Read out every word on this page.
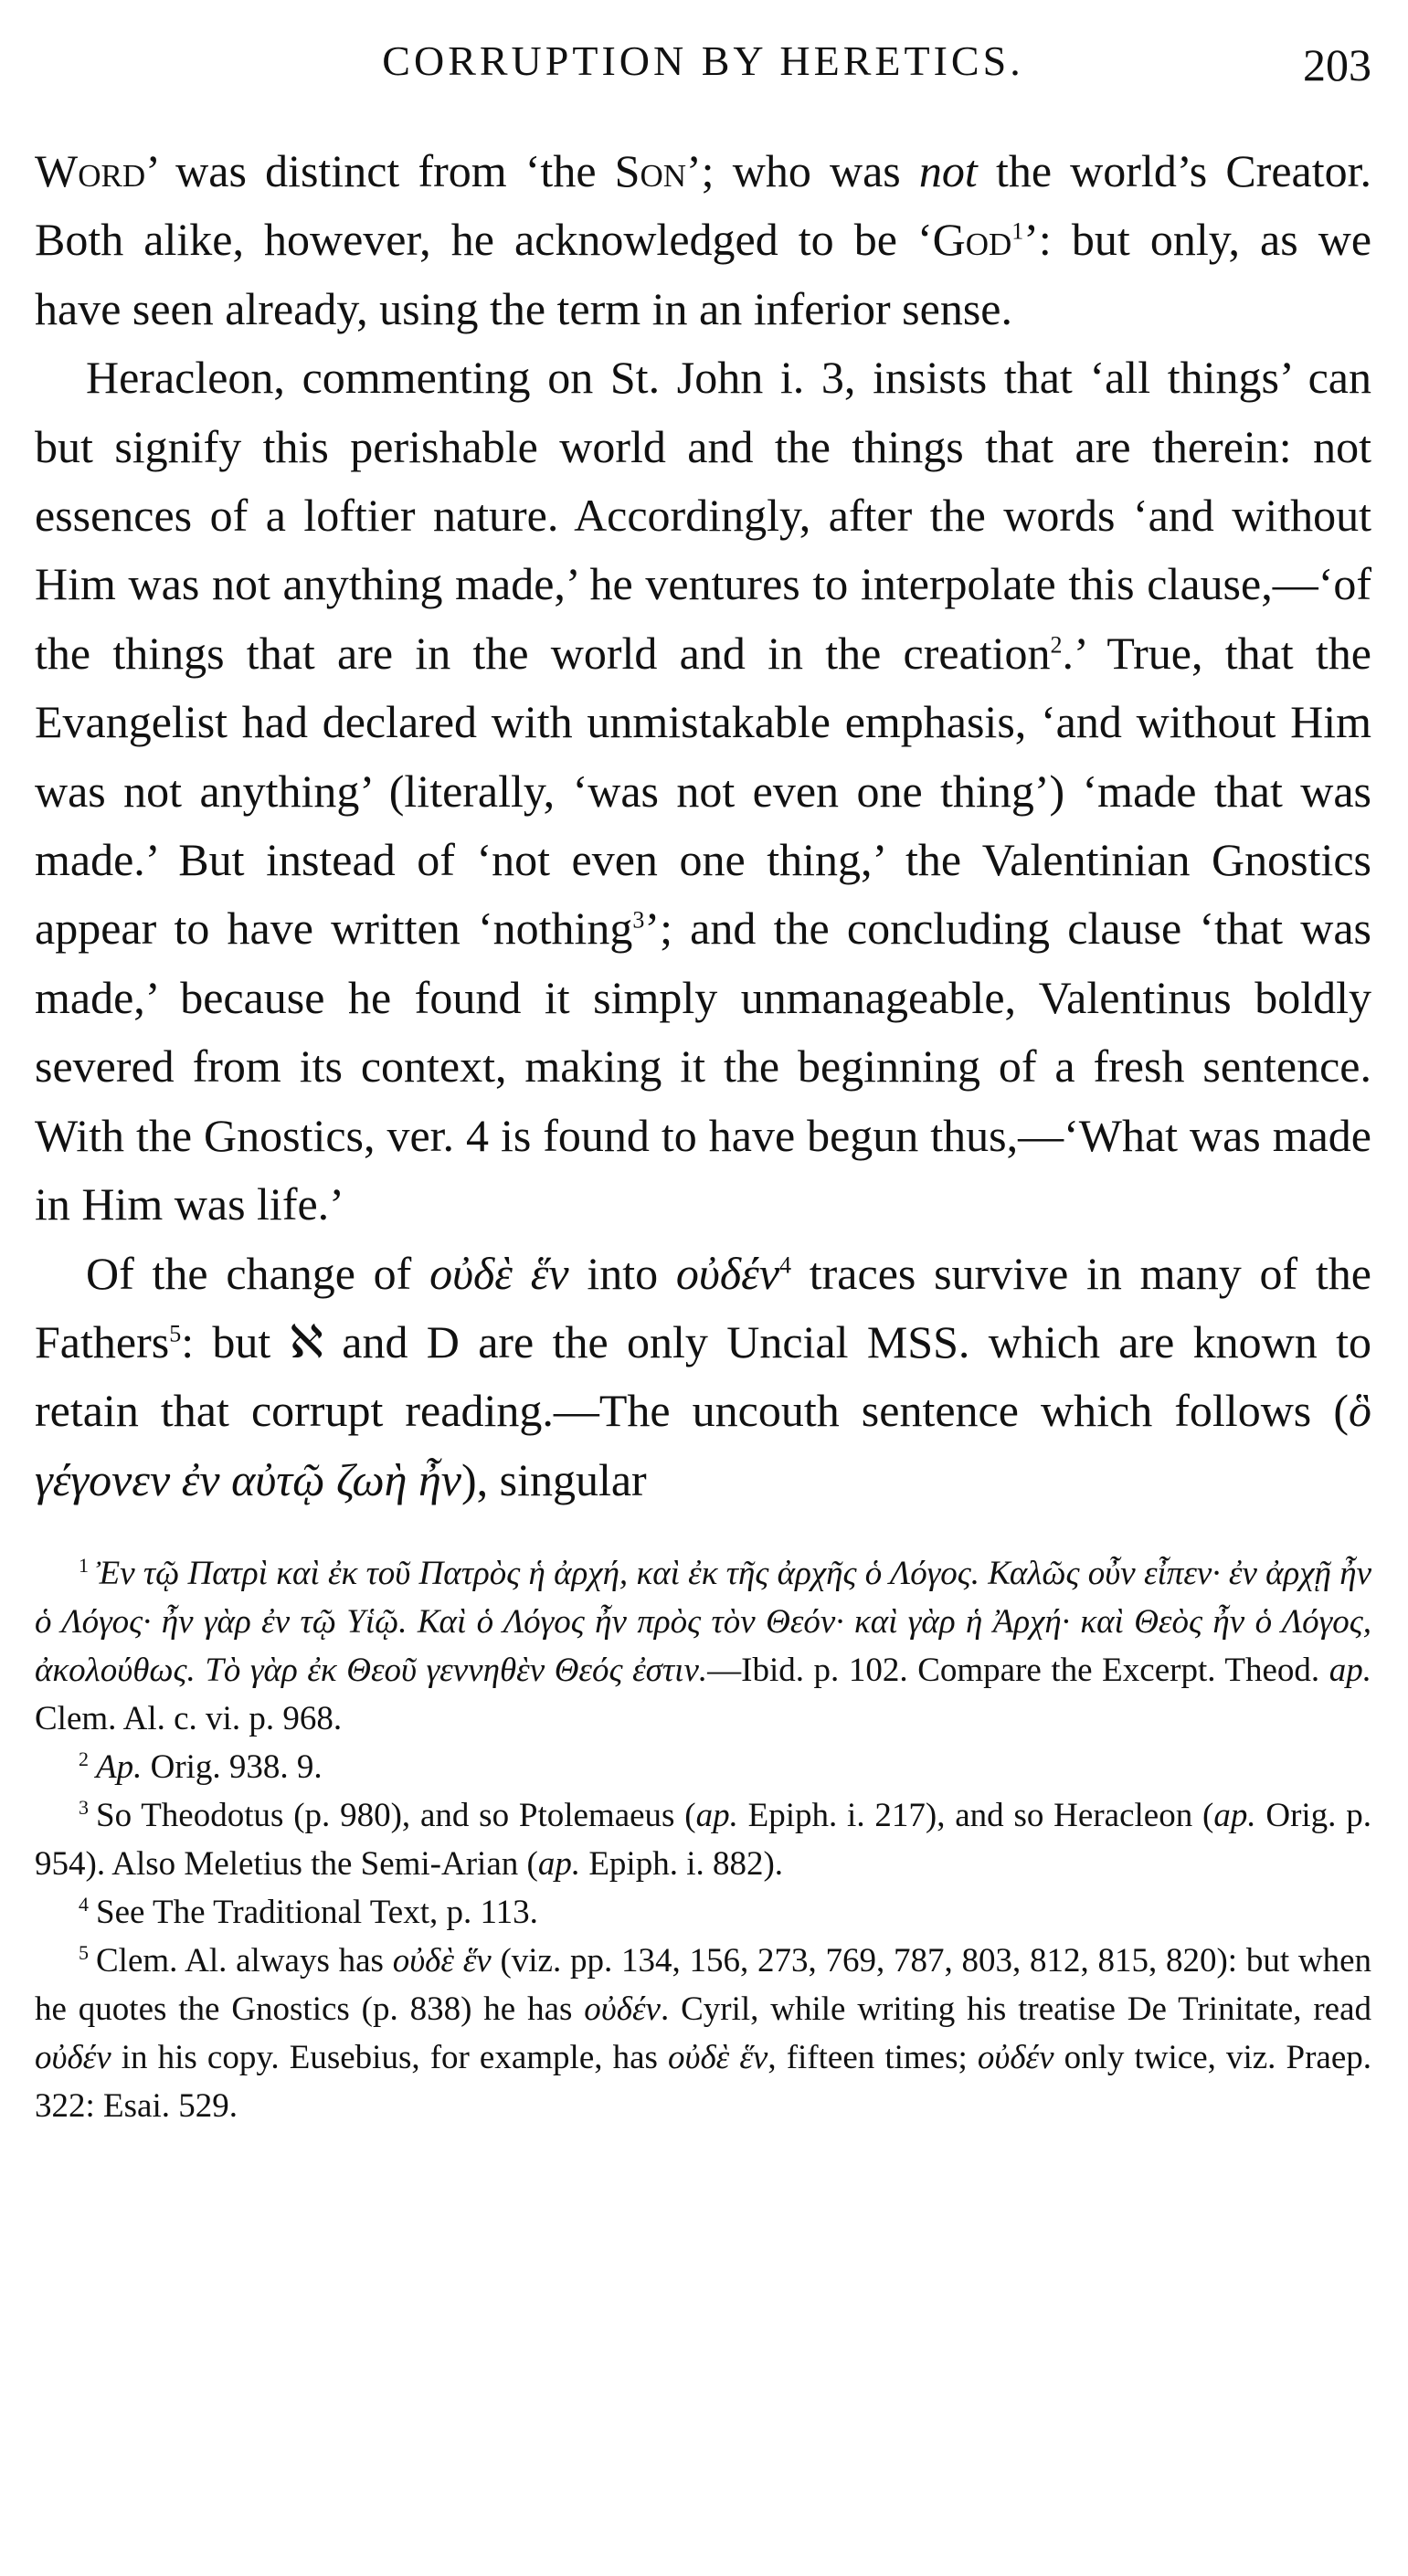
CORRUPTION BY HERETICS.	203

Word’ was distinct from ‘the Son’; who was not the world’s Creator. Both alike, however, he acknowledged to be ‘God$^1$’: but only, as we have seen already, using the term in an inferior sense.

Heracleon, commenting on St. John i. 3, insists that ‘all things’ can but signify this perishable world and the things that are therein: not essences of a loftier nature. Accordingly, after the words ‘and without Him was not anything made,’ he ventures to interpolate this clause,—‘of the things that are in the world and in the creation$^2$.’ True, that the Evangelist had declared with unmistakable emphasis, ‘and without Him was not anything’ (literally, ‘was not even one thing’) ‘made that was made.’ But instead of ‘not even one thing,’ the Valentinian Gnostics appear to have written ‘nothing$^3$’; and the concluding clause ‘that was made,’ because he found it simply unmanageable, Valentinus boldly severed from its context, making it the beginning of a fresh sentence. With the Gnostics, ver. 4 is found to have begun thus,—‘What was made in Him was life.’

Of the change of οὐδὲ ἕν into οὐδέν$^4$ traces survive in many of the Fathers$^5$: but ℵ and D are the only Uncial MSS. which are known to retain that corrupt reading.—The uncouth sentence which follows (ὃ γέγονεν ἐν αὐτῷ ζωὴ ἦν), singular

$^1$ Ἐν τῷ Πατρὶ καὶ ἐκ τοῦ Πατρὸς ἡ ἀρχή, καὶ ἐκ τῆς ἀρχῆς ὁ Λόγος. Καλῶς οὖν εἶπεν· ἐν ἀρχῇ ἦν ὁ Λόγος· ἦν γὰρ ἐν τῷ Υἱῷ. Καὶ ὁ Λόγος ἦν πρὸς τὸν Θεόν· καὶ γὰρ ἡ Ἀρχή· καὶ Θεὸς ἦν ὁ Λόγος, ἀκολούθως. Τὸ γὰρ ἐκ Θεοῦ γεννηθὲν Θεός ἐστιν.—Ibid. p. 102. Compare the Excerpt. Theod. ap. Clem. Al. c. vi. p. 968.

$^2$ Ap. Orig. 938. 9.

$^3$ So Theodotus (p. 980), and so Ptolemaeus (ap. Epiph. i. 217), and so Heracleon (ap. Orig. p. 954). Also Meletius the Semi-Arian (ap. Epiph. i. 882).

$^4$ See The Traditional Text, p. 113.

$^5$ Clem. Al. always has οὐδὲ ἕν (viz. pp. 134, 156, 273, 769, 787, 803, 812, 815, 820): but when he quotes the Gnostics (p. 838) he has οὐδέν. Cyril, while writing his treatise De Trinitate, read οὐδέν in his copy. Eusebius, for example, has οὐδὲ ἕν, fifteen times; οὐδέν only twice, viz. Praep. 322: Esai. 529.
